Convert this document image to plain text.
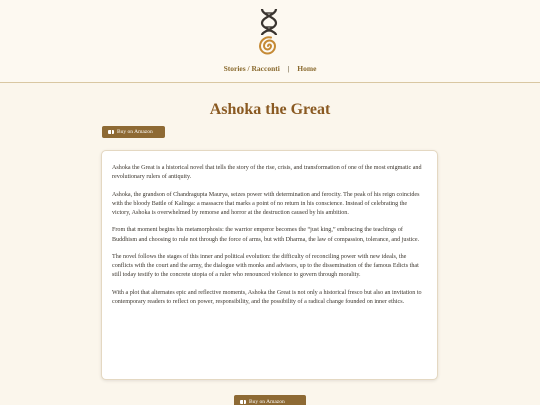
Stories / Racconti | Home
Ashoka the Great
Buy on Amazon

Ashoka the Great is a historical novel that tells the story of the rise, crisis, and transformation of one of the most enigmatic and revolutionary rulers of antiquity.

Ashoka, the grandson of Chandragupta Maurya, seizes power with determination and ferocity. The peak of his reign coincides with the bloody Battle of Kalinga: a massacre that marks a point of no return in his conscience. Instead of celebrating the victory, Ashoka is overwhelmed by remorse and horror at the destruction caused by his ambition.

From that moment begins his metamorphosis: the warrior emperor becomes the “just king,” embracing the teachings of Buddhism and choosing to rule not through the force of arms, but with Dharma, the law of compassion, tolerance, and justice.

The novel follows the stages of this inner and political evolution: the difficulty of reconciling power with new ideals, the conflicts with the court and the army, the dialogue with monks and advisors, up to the dissemination of the famous Edicts that still today testify to the concrete utopia of a ruler who renounced violence to govern through morality.

With a plot that alternates epic and reflective moments, Ashoka the Great is not only a historical fresco but also an invitation to contemporary readers to reflect on power, responsibility, and the possibility of a radical change founded on inner ethics.

Buy on Amazon
